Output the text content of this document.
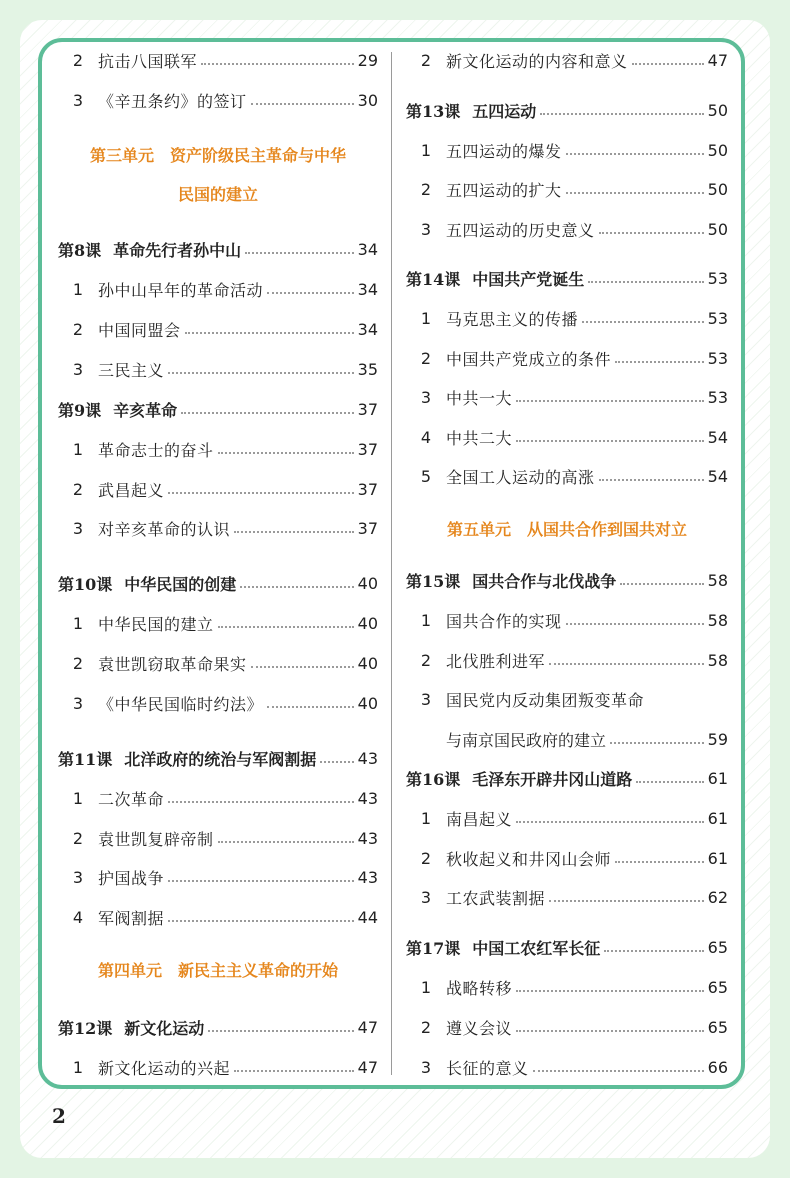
2 抗击八国联军	29
3 《辛丑条约》的签订	30
第三单元　资产阶级民主革命与中华
民国的建立
第8课 革命先行者孙中山	34
1 孙中山早年的革命活动	34
2 中国同盟会	34
3 三民主义	35
第9课 辛亥革命	37
1 革命志士的奋斗	37
2 武昌起义	37
3 对辛亥革命的认识	37
第10课 中华民国的创建	40
1 中华民国的建立	40
2 袁世凯窃取革命果实	40
3 《中华民国临时约法》	40
第11课 北洋政府的统治与军阀割据	43
1 二次革命	43
2 袁世凯复辟帝制	43
3 护国战争	43
4 军阀割据	44
第四单元　新民主主义革命的开始
第12课 新文化运动	47
1 新文化运动的兴起	47
2 新文化运动的内容和意义	47
第13课 五四运动	50
1 五四运动的爆发	50
2 五四运动的扩大	50
3 五四运动的历史意义	50
第14课 中国共产党诞生	53
1 马克思主义的传播	53
2 中国共产党成立的条件	53
3 中共一大	53
4 中共二大	54
5 全国工人运动的高涨	54
第五单元　从国共合作到国共对立
第15课 国共合作与北伐战争	58
1 国共合作的实现	58
2 北伐胜利进军	58
3 国民党内反动集团叛变革命
与南京国民政府的建立	59
第16课 毛泽东开辟井冈山道路	61
1 南昌起义	61
2 秋收起义和井冈山会师	61
3 工农武装割据	62
第17课 中国工农红军长征	65
1 战略转移	65
2 遵义会议	65
3 长征的意义	66
2
